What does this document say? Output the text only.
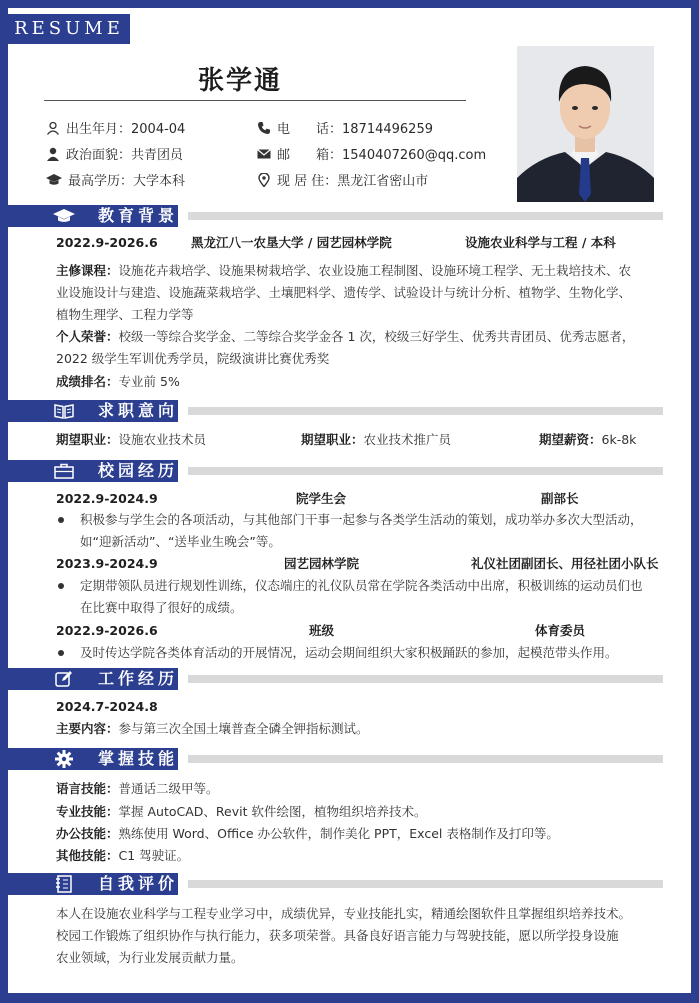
RESUME
张学通
出生年月：2004-04
政治面貌：共青团员
最高学历：大学本科
电　　话：18714496259
邮　　箱：1540407260@qq.com
现 居 住：黑龙江省密山市
教育背景
2022.9-2026.6	黑龙江八一农垦大学 / 园艺园林学院	设施农业科学与工程 / 本科
主修课程：设施花卉栽培学、设施果树栽培学、农业设施工程制图、设施环境工程学、无土栽培技术、农
业设施设计与建造、设施蔬菜栽培学、土壤肥料学、遗传学、试验设计与统计分析、植物学、生物化学、
植物生理学、工程力学等
个人荣誉：校级一等综合奖学金、二等综合奖学金各 1 次，校级三好学生、优秀共青团员、优秀志愿者，
2022 级学生军训优秀学员，院级演讲比赛优秀奖
成绩排名：专业前 5%
求职意向
期望职业：设施农业技术员	期望职业：农业技术推广员	期望薪资：6k-8k
校园经历
2022.9-2024.9	院学生会	副部长
积极参与学生会的各项活动，与其他部门干事一起参与各类学生活动的策划，成功举办多次大型活动，
如“迎新活动”、“送毕业生晚会”等。
2023.9-2024.9	园艺园林学院	礼仪社团副团长、用径社团小队长
定期带领队员进行规划性训练，仪态端庄的礼仪队员常在学院各类活动中出席，积极训练的运动员们也
在比赛中取得了很好的成绩。
2022.9-2026.6	班级	体育委员
及时传达学院各类体育活动的开展情况，运动会期间组织大家积极踊跃的参加，起模范带头作用。
工作经历
2024.7-2024.8
主要内容：参与第三次全国土壤普查全磷全钾指标测试。
掌握技能
语言技能：普通话二级甲等。
专业技能：掌握 AutoCAD、Revit 软件绘图，植物组织培养技术。
办公技能：熟练使用 Word、Office 办公软件，制作美化 PPT，Excel 表格制作及打印等。
其他技能：C1 驾驶证。
自我评价
本人在设施农业科学与工程专业学习中，成绩优异，专业技能扎实，精通绘图软件且掌握组织培养技术。
校园工作锻炼了组织协作与执行能力，获多项荣誉。具备良好语言能力与驾驶技能，愿以所学投身设施
农业领域，为行业发展贡献力量。
